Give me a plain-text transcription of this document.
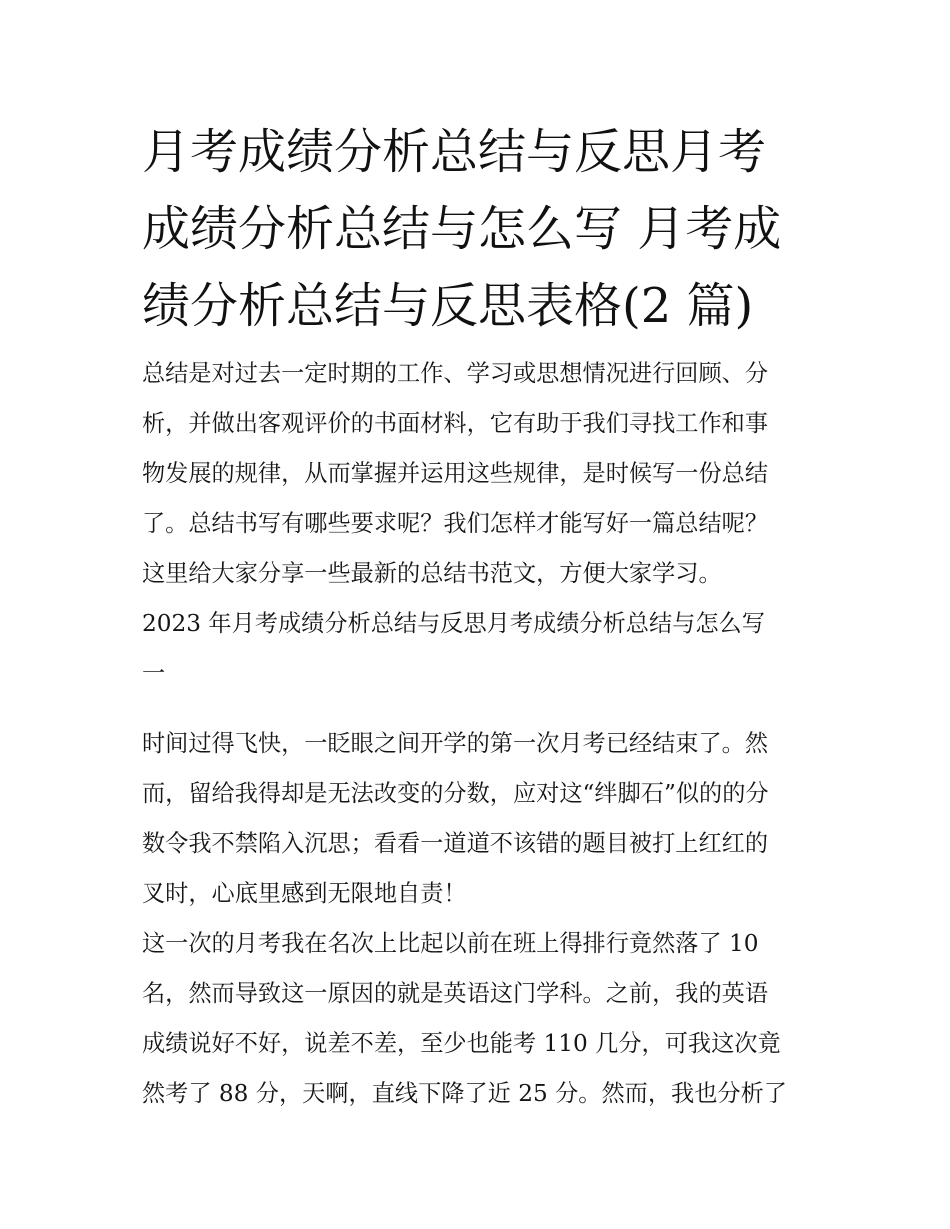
月考成绩分析总结与反思月考
成绩分析总结与怎么写 月考成
绩分析总结与反思表格(2 篇)

总结是对过去一定时期的工作、学习或思想情况进行回顾、分

析，并做出客观评价的书面材料，它有助于我们寻找工作和事

物发展的规律，从而掌握并运用这些规律，是时候写一份总结

了。总结书写有哪些要求呢？我们怎样才能写好一篇总结呢？

这里给大家分享一些最新的总结书范文，方便大家学习。

2023 年月考成绩分析总结与反思月考成绩分析总结与怎么写

一

时间过得飞快，一眨眼之间开学的第一次月考已经结束了。然

而，留给我得却是无法改变的分数，应对这“绊脚石”似的的分

数令我不禁陷入沉思；看看一道道不该错的题目被打上红红的

叉时，心底里感到无限地自责！

这一次的月考我在名次上比起以前在班上得排行竟然落了 10

名，然而导致这一原因的就是英语这门学科。之前，我的英语

成绩说好不好，说差不差，至少也能考 110 几分，可我这次竟

然考了 88 分，天啊，直线下降了近 25 分。然而，我也分析了
